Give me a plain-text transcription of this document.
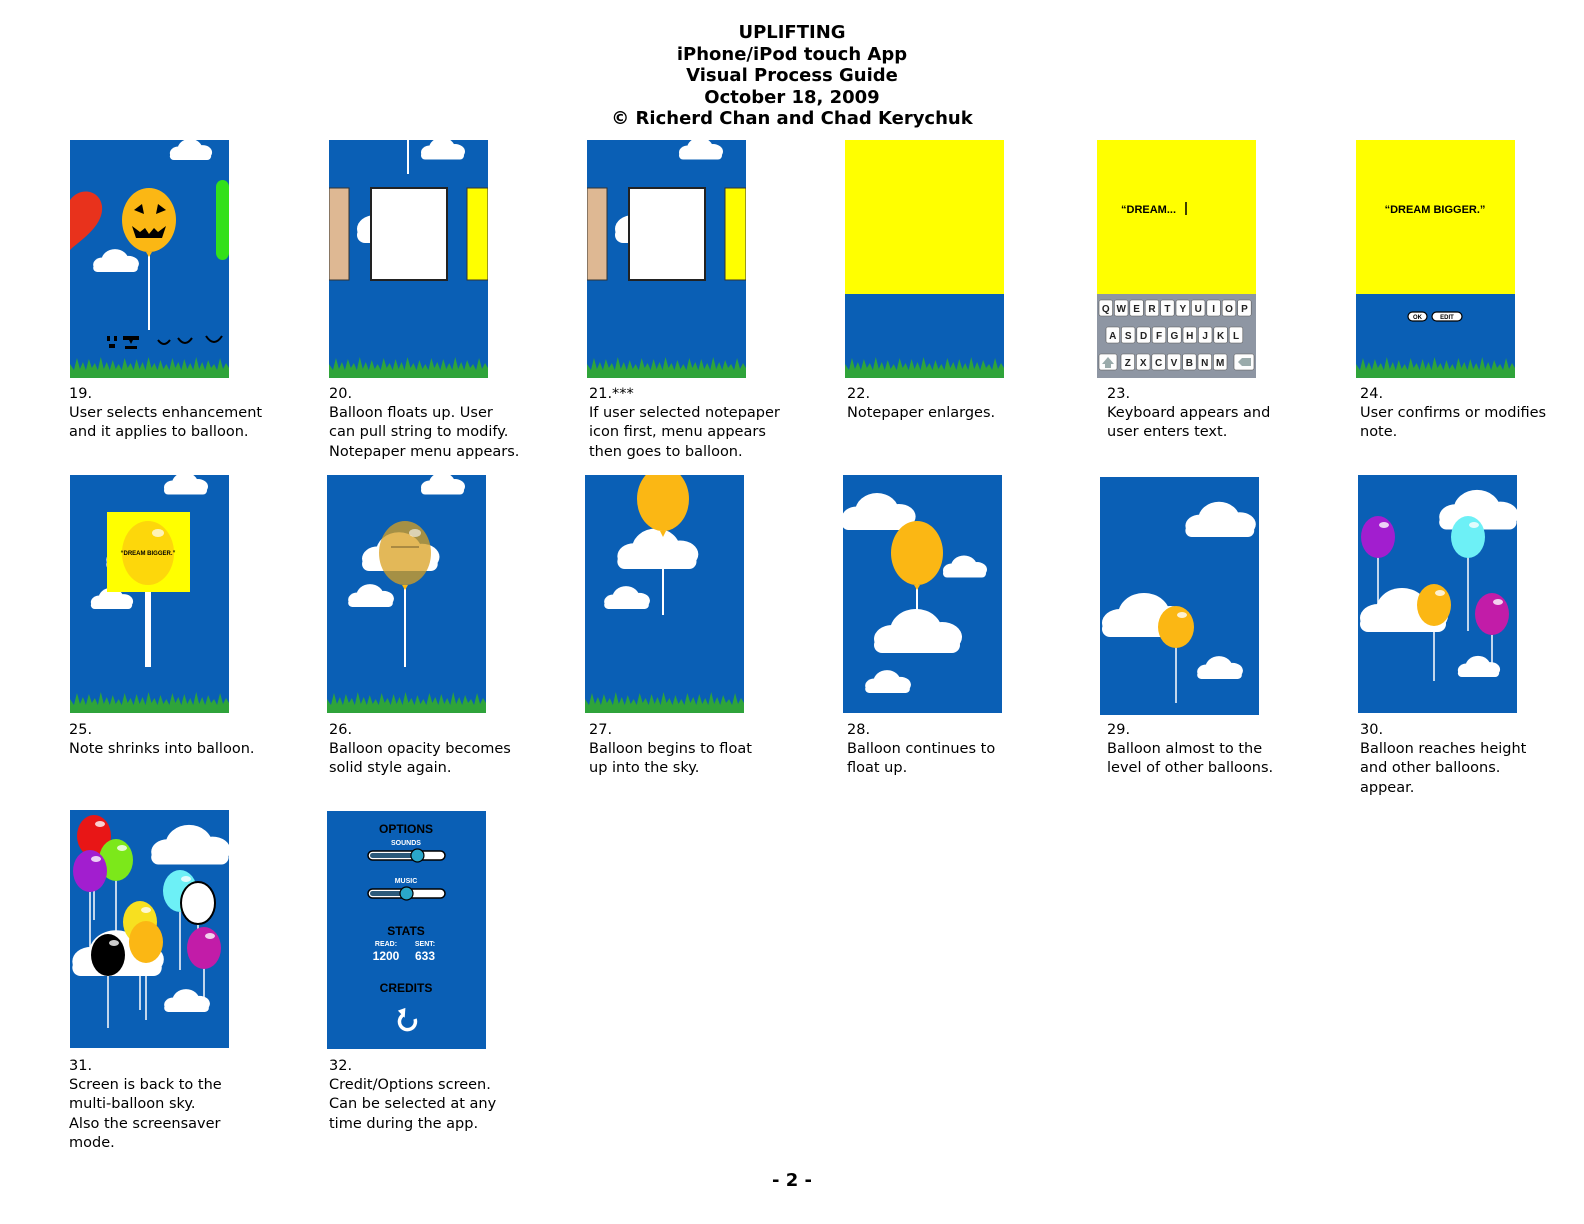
UPLIFTING
iPhone/iPod touch App
Visual Process Guide
October 18, 2009
© Richerd Chan and Chad Kerychuk
“DREAM...
Q W E R T Y U I O P
A S D F G H J K L
Z X C V B N M
“DREAM BIGGER.”
OK	EDIT
“DREAM BIGGER.”
OPTIONS
SOUNDS
MUSIC
STATS
READ:	SENT:
1200 633
CREDITS
19.
User selects enhancement
and it applies to balloon.
20.
Balloon floats up. User
can pull string to modify.
Notepaper menu appears.
21.***
If user selected notepaper
icon first, menu appears
then goes to balloon.
22.
Notepaper enlarges.
23.
Keyboard appears and
user enters text.
24.
User confirms or modifies
note.
25.
Note shrinks into balloon.
26.
Balloon opacity becomes
solid style again.
27.
Balloon begins to float
up into the sky.
28.
Balloon continues to
float up.
29.
Balloon almost to the
level of other balloons.
30.
Balloon reaches height
and other balloons.
appear.
31.
Screen is back to the
multi-balloon sky.
Also the screensaver
mode.
32.
Credit/Options screen.
Can be selected at any
time during the app.
- 2 -
